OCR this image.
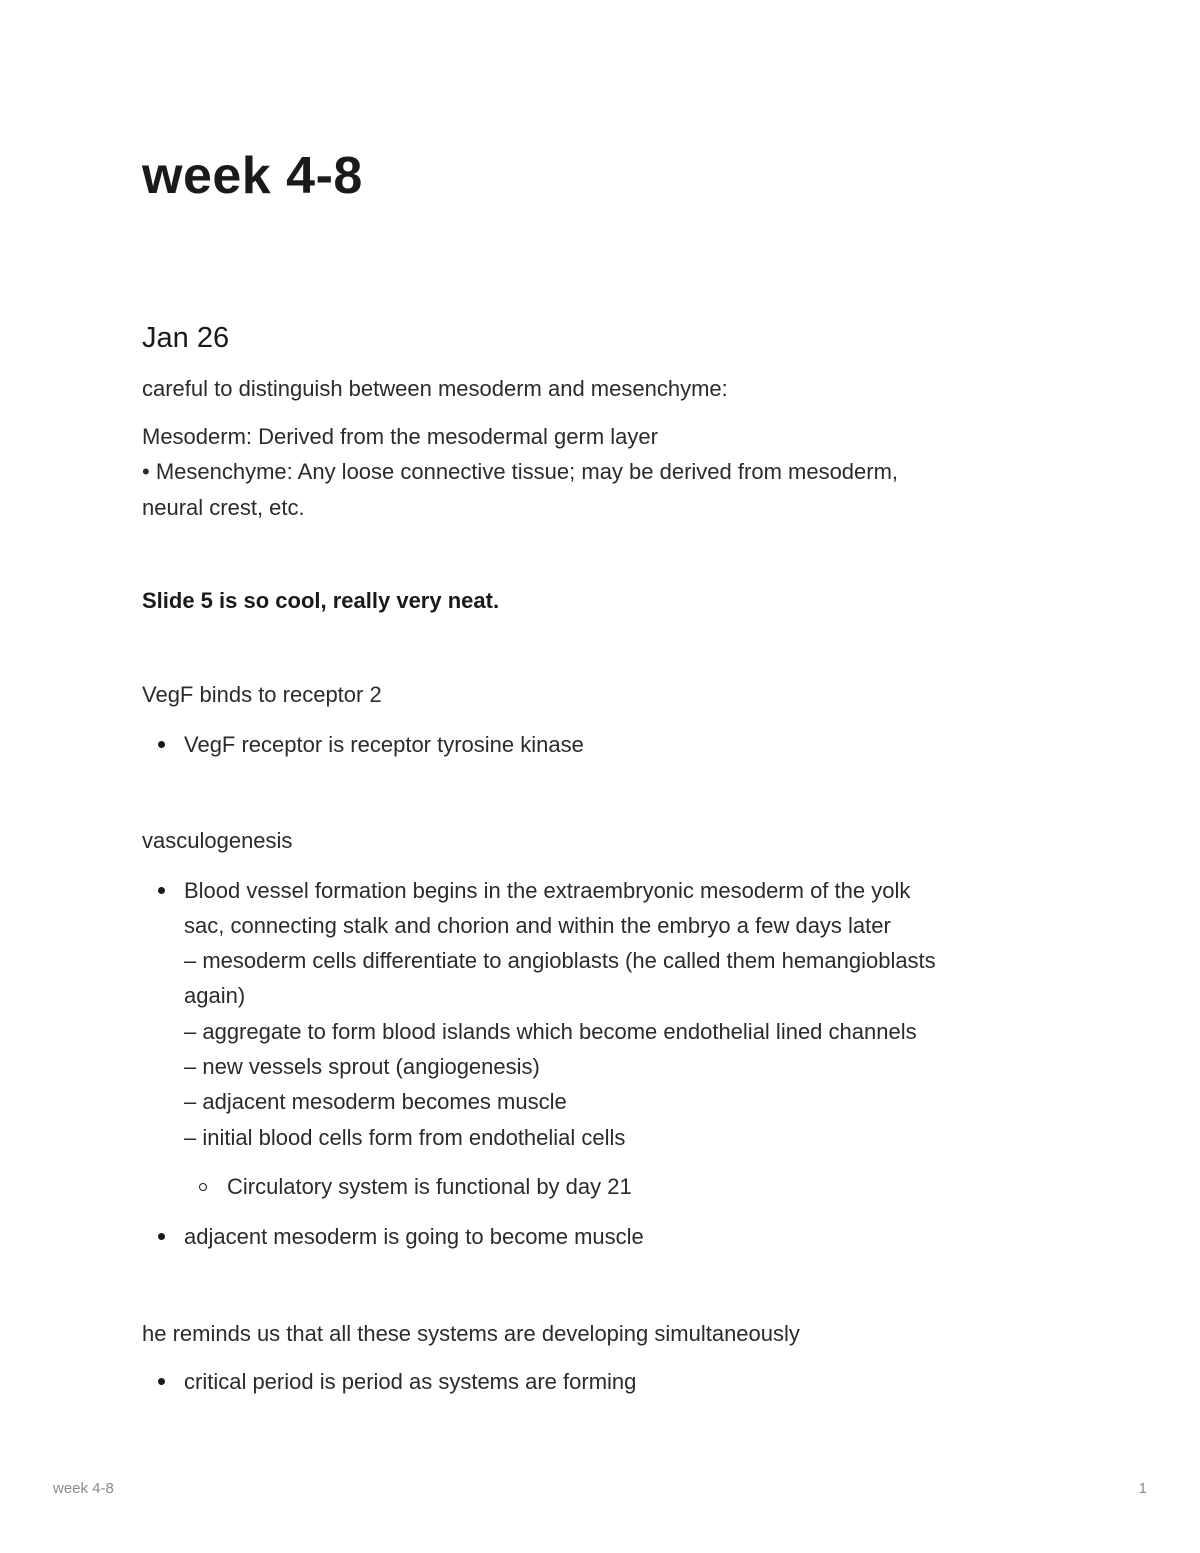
week 4-8
Jan 26

careful to distinguish between mesoderm and mesenchyme:

Mesoderm: Derived from the mesodermal germ layer

• Mesenchyme: Any loose connective tissue; may be derived from mesoderm,

neural crest, etc.

Slide 5 is so cool, really very neat.

VegF binds to receptor 2

VegF receptor is receptor tyrosine kinase

vasculogenesis

Blood vessel formation begins in the extraembryonic mesoderm of the yolk

sac, connecting stalk and chorion and within the embryo a few days later

– mesoderm cells differentiate to angioblasts (he called them hemangioblasts

again)

– aggregate to form blood islands which become endothelial lined channels

– new vessels sprout (angiogenesis)

– adjacent mesoderm becomes muscle

– initial blood cells form from endothelial cells

Circulatory system is functional by day 21

adjacent mesoderm is going to become muscle

he reminds us that all these systems are developing simultaneously

critical period is period as systems are forming

week 4-8	1
